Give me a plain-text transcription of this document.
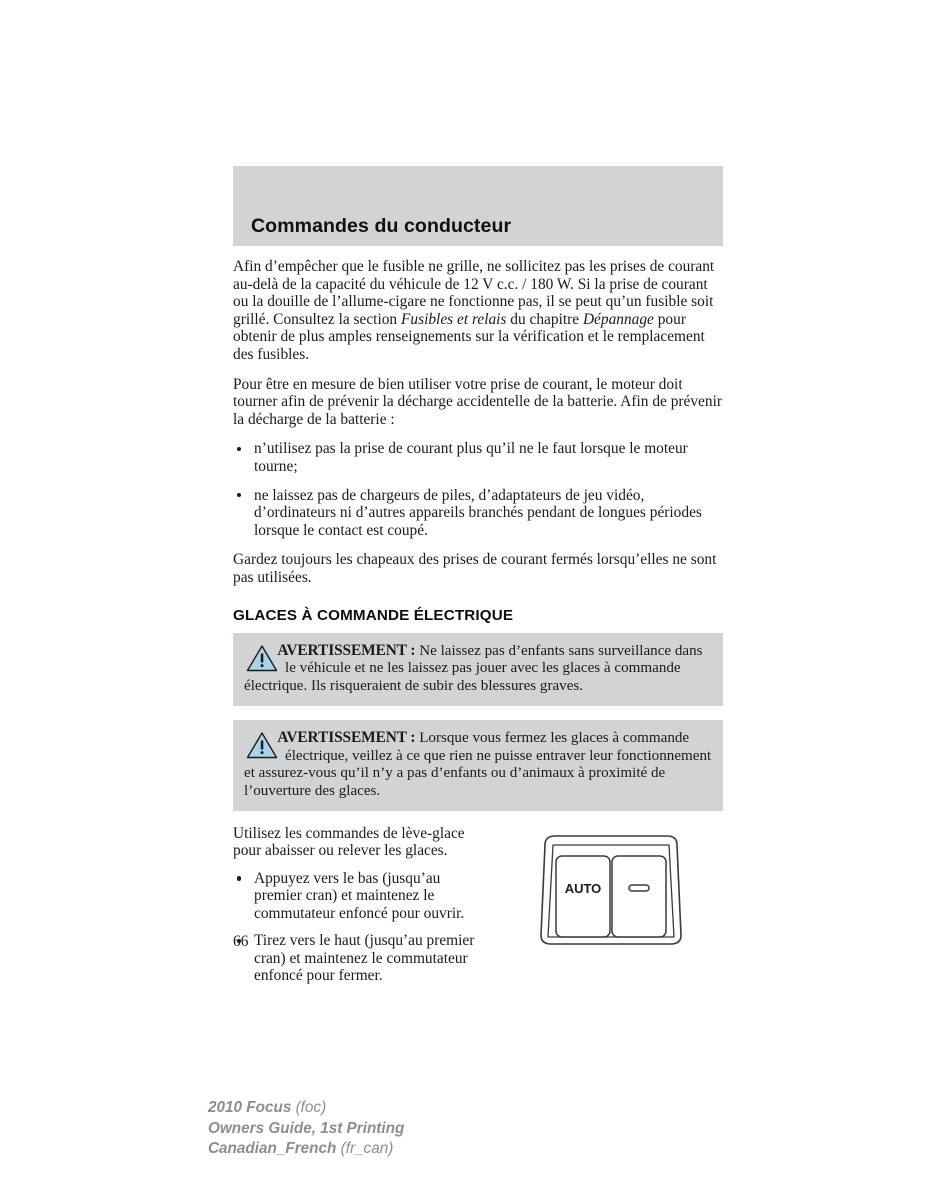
Commandes du conducteur

Afin d’empêcher que le fusible ne grille, ne sollicitez pas les prises de courant au-delà de la capacité du véhicule de 12 V c.c. / 180 W. Si la prise de courant ou la douille de l’allume-cigare ne fonctionne pas, il se peut qu’un fusible soit grillé. Consultez la section Fusibles et relais du chapitre Dépannage pour obtenir de plus amples renseignements sur la vérification et le remplacement des fusibles.

Pour être en mesure de bien utiliser votre prise de courant, le moteur doit tourner afin de prévenir la décharge accidentelle de la batterie. Afin de prévenir la décharge de la batterie :

n’utilisez pas la prise de courant plus qu’il ne le faut lorsque le moteur tourne;
ne laissez pas de chargeurs de piles, d’adaptateurs de jeu vidéo, d’ordinateurs ni d’autres appareils branchés pendant de longues périodes lorsque le contact est coupé.

Gardez toujours les chapeaux des prises de courant fermés lorsqu’elles ne sont pas utilisées.

GLACES À COMMANDE ÉLECTRIQUE

AVERTISSEMENT : Ne laissez pas d’enfants sans surveillance dans le véhicule et ne les laissez pas jouer avec les glaces à commande électrique. Ils risqueraient de subir des blessures graves.

AVERTISSEMENT : Lorsque vous fermez les glaces à commande électrique, veillez à ce que rien ne puisse entraver leur fonctionnement et assurez-vous qu’il n’y a pas d’enfants ou d’animaux à proximité de l’ouverture des glaces.

Utilisez les commandes de lève-glace pour abaisser ou relever les glaces.

Appuyez vers le bas (jusqu’au premier cran) et maintenez le commutateur enfoncé pour ouvrir.
Tirez vers le haut (jusqu’au premier cran) et maintenez le commutateur enfoncé pour fermer.
AUTO
66
2010 Focus (foc)
Owners Guide, 1st Printing
Canadian_French (fr_can)
